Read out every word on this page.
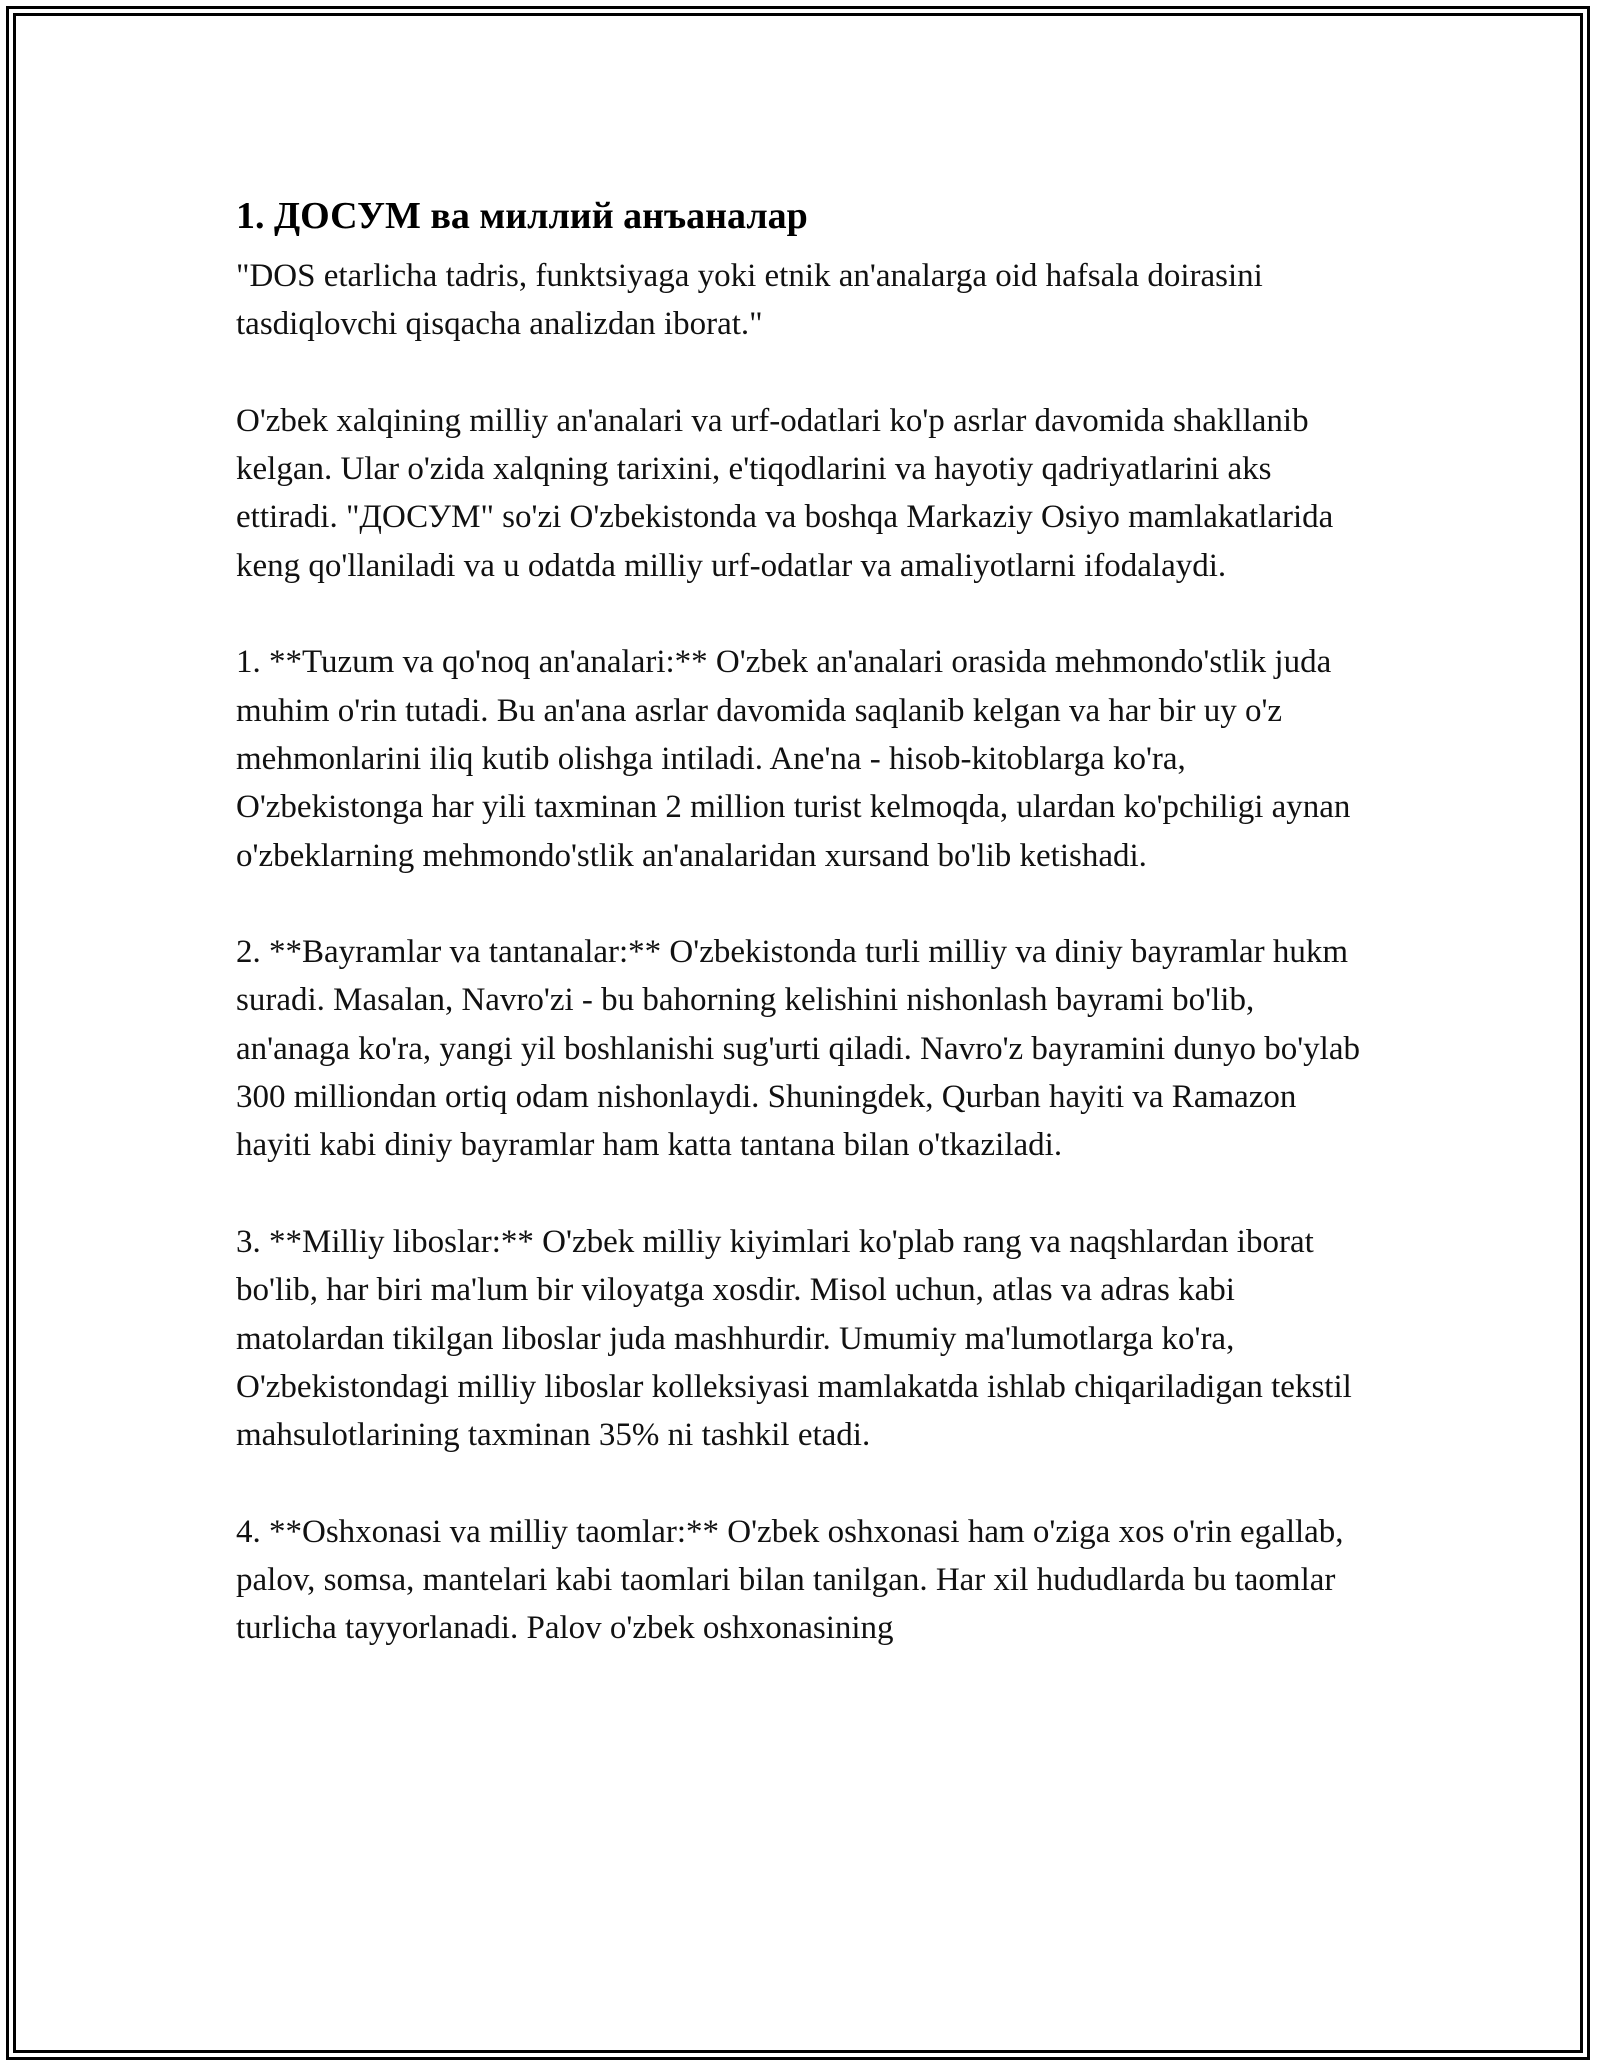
1. ДОСУМ ва миллий анъаналар

"DOS etarlicha tadris, funktsiyaga yoki etnik an'analarga oid hafsala doirasini tasdiqlovchi qisqacha analizdan iborat."

O'zbek xalqining milliy an'analari va urf-odatlari ko'p asrlar davomida shakllanib kelgan. Ular o'zida xalqning tarixini, e'tiqodlarini va hayotiy qadriyatlarini aks ettiradi. "ДОСУМ" so'zi O'zbekistonda va boshqa Markaziy Osiyo mamlakatlarida keng qo'llaniladi va u odatda milliy urf-odatlar va amaliyotlarni ifodalaydi.

1. **Tuzum va qo'noq an'analari:** O'zbek an'analari orasida mehmondo'stlik juda muhim o'rin tutadi. Bu an'ana asrlar davomida saqlanib kelgan va har bir uy o'z mehmonlarini iliq kutib olishga intiladi. Ane'na - hisob-kitoblarga ko'ra, O'zbekistonga har yili taxminan 2 million turist kelmoqda, ulardan ko'pchiligi aynan o'zbeklarning mehmondo'stlik an'analaridan xursand bo'lib ketishadi.

2. **Bayramlar va tantanalar:** O'zbekistonda turli milliy va diniy bayramlar hukm suradi. Masalan, Navro'zi - bu bahorning kelishini nishonlash bayrami bo'lib, an'anaga ko'ra, yangi yil boshlanishi sug'urti qiladi. Navro'z bayramini dunyo bo'ylab 300 milliondan ortiq odam nishonlaydi. Shuningdek, Qurban hayiti va Ramazon hayiti kabi diniy bayramlar ham katta tantana bilan o'tkaziladi.

3. **Milliy liboslar:** O'zbek milliy kiyimlari ko'plab rang va naqshlardan iborat bo'lib, har biri ma'lum bir viloyatga xosdir. Misol uchun, atlas va adras kabi matolardan tikilgan liboslar juda mashhurdir. Umumiy ma'lumotlarga ko'ra, O'zbekistondagi milliy liboslar kolleksiyasi mamlakatda ishlab chiqariladigan tekstil mahsulotlarining taxminan 35% ni tashkil etadi.

4. **Oshxonasi va milliy taomlar:** O'zbek oshxonasi ham o'ziga xos o'rin egallab, palov, somsa, mantelari kabi taomlari bilan tanilgan. Har xil hududlarda bu taomlar turlicha tayyorlanadi. Palov o'zbek oshxonasining
